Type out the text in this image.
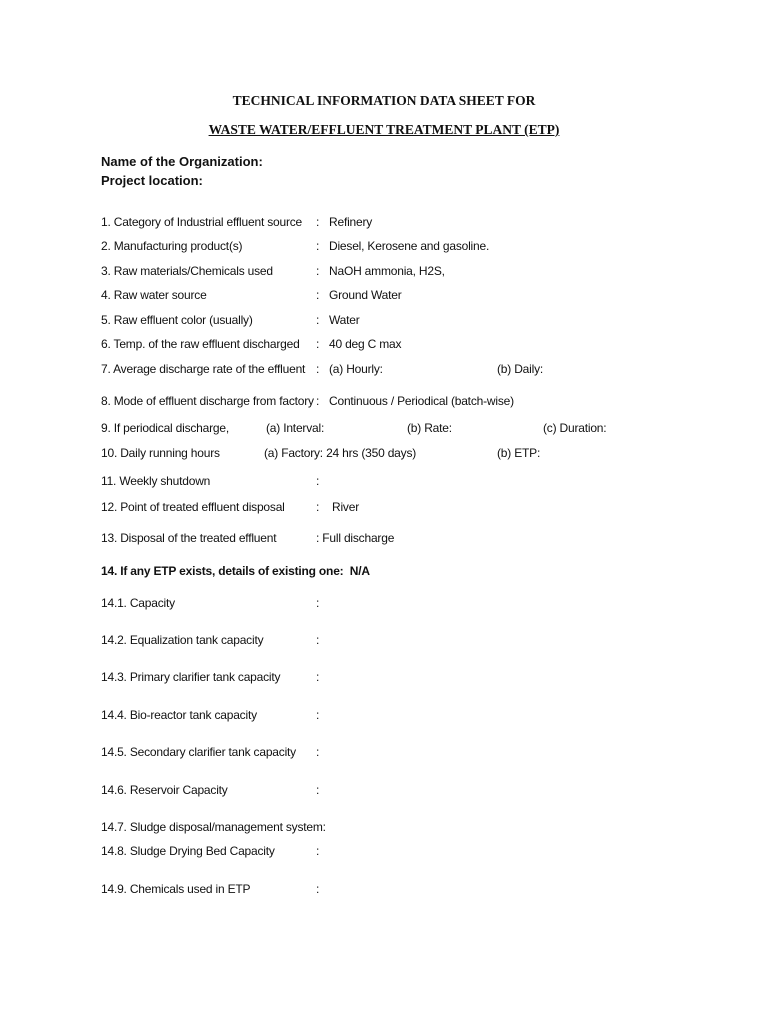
TECHNICAL INFORMATION DATA SHEET FOR
WASTE WATER/EFFLUENT TREATMENT PLANT (ETP)
Name of the Organization:
Project location:
1. Category of Industrial effluent source : Refinery
2. Manufacturing product(s)	: Diesel, Kerosene and gasoline.
3. Raw materials/Chemicals used	: NaOH ammonia, H2S,
4. Raw water source	: Ground Water
5. Raw effluent color (usually)	: Water
6. Temp. of the raw effluent discharged : 40 deg C max
7. Average discharge rate of the effluent : (a) Hourly:	(b) Daily:
8. Mode of effluent discharge from factory : Continuous / Periodical (batch-wise)
9. If periodical discharge,	(a) Interval:	(b) Rate:	(c) Duration:
10. Daily running hours	(a) Factory: 24 hrs (350 days)	(b) ETP:
11. Weekly shutdown	:
12. Point of treated effluent disposal	: River
13. Disposal of the treated effluent	: Full discharge
14. If any ETP exists, details of existing one: N/A
14.1. Capacity	:
14.2. Equalization tank capacity	:
14.3. Primary clarifier tank capacity	:
14.4. Bio-reactor tank capacity	:
14.5. Secondary clarifier tank capacity :
14.6. Reservoir Capacity	:
14.7. Sludge disposal/management system:
14.8. Sludge Drying Bed Capacity	:
14.9. Chemicals used in ETP	:
